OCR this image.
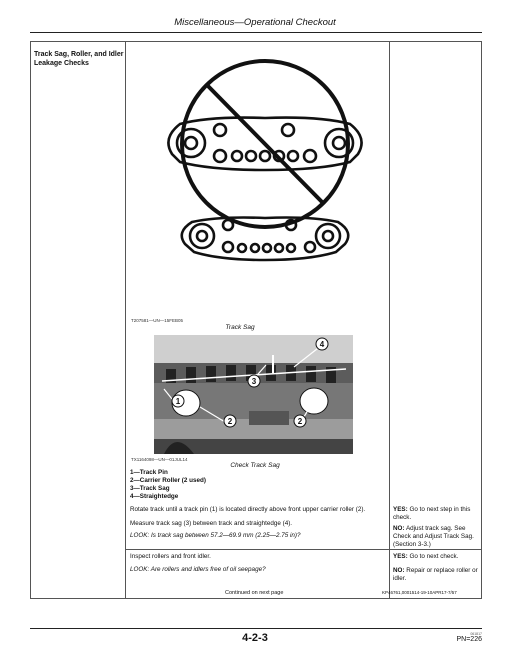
Miscellaneous—Operational Checkout
Track Sag, Roller, and Idler Leakage Checks
T207581—UN—15FEB05
Track Sag
1
2	2
3
4
TX1164098—UN—01JUL14
Check Track Sag
1—Track Pin
2—Carrier Roller (2 used)
3—Track Sag
4—Straightedge
Rotate track until a track pin (1) is located directly above front upper carrier roller (2).
Measure track sag (3) between track and straightedge (4).
LOOK: Is track sag between 57.2—69.9 mm (2.25—2.75 in)?
YES: Go to next step in this check.
NO: Adjust track sag. See Check and Adjust Track Sag. (Section 3-3.)
Inspect rollers and front idler.
LOOK: Are rollers and idlers free of oil seepage?
YES: Go to next check.
NO: Repair or replace roller or idler.
Continued on next page	KP46761,0001514-19-10APR17-7/57
4-2-3	061817
PN=226
